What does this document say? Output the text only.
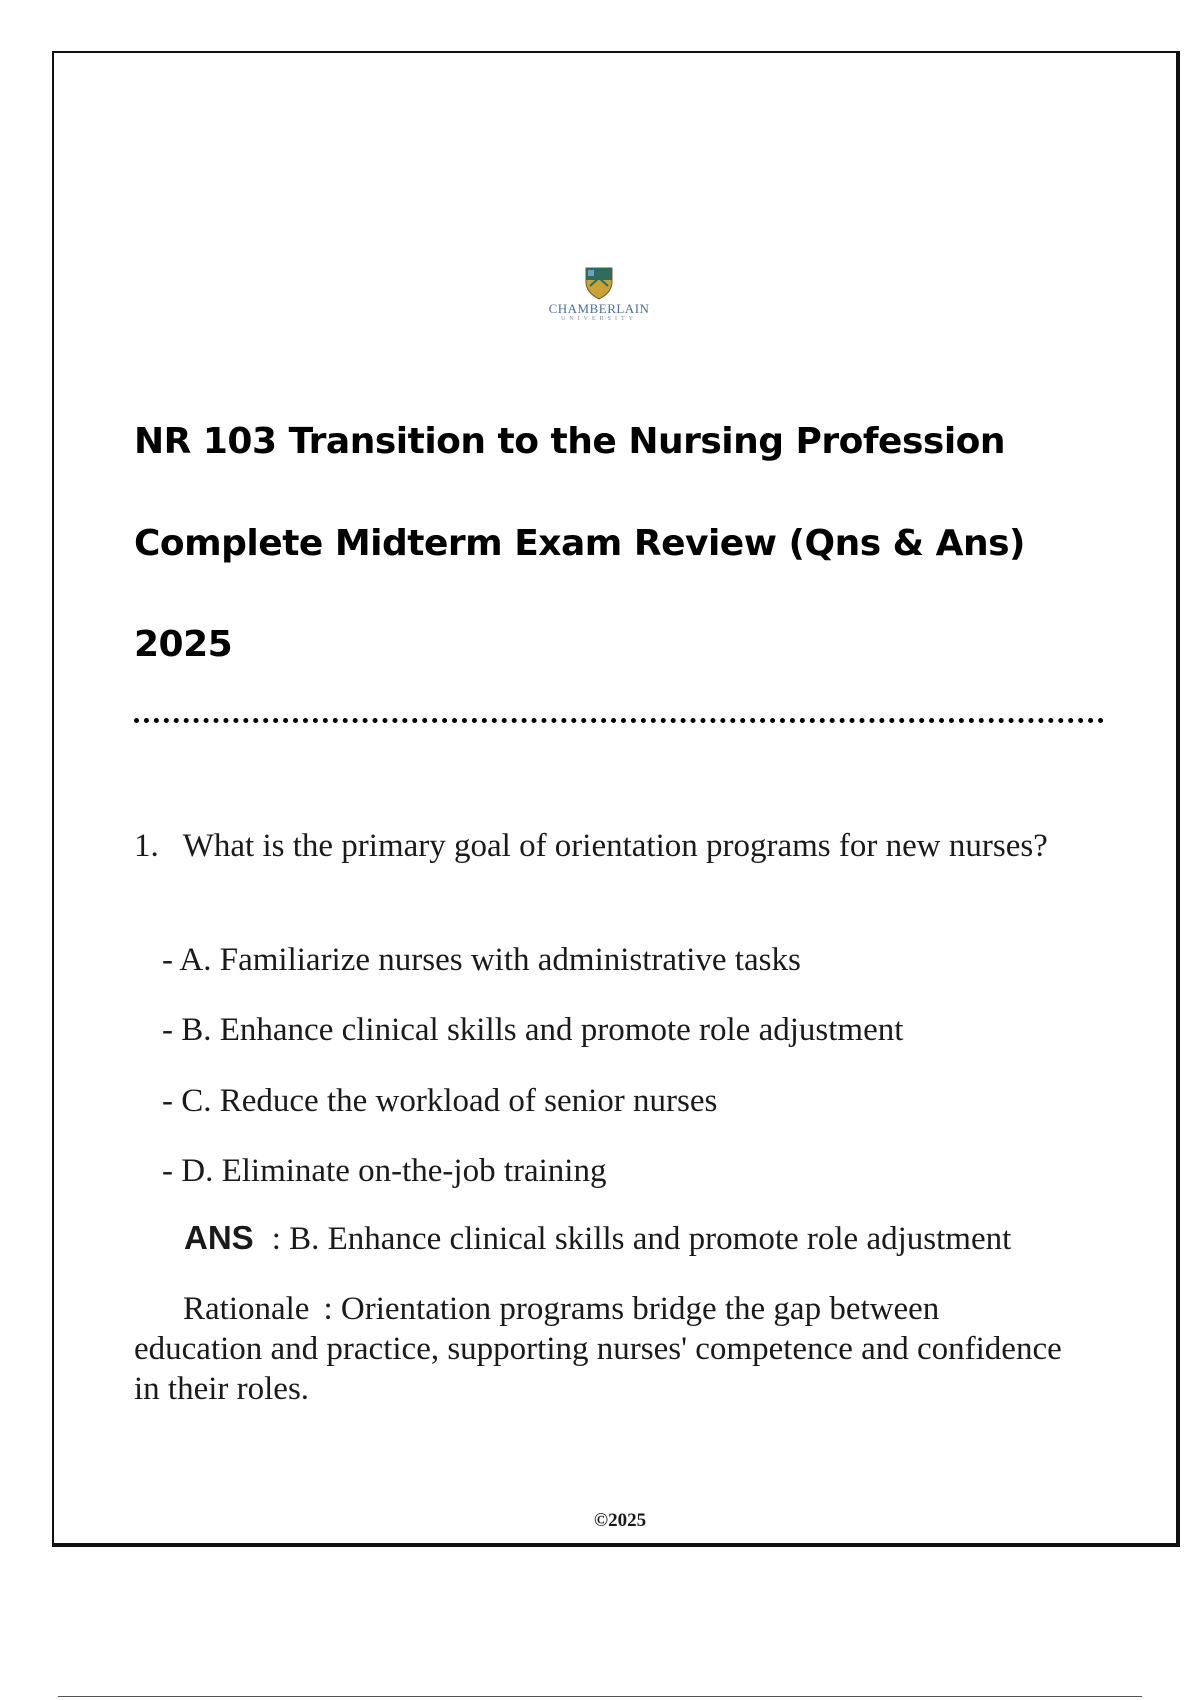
CHAMBERLAIN
UNIVERSITY
NR 103 Transition to the Nursing Profession
Complete Midterm Exam Review (Qns & Ans)
2025
1. What is the primary goal of orientation programs for new nurses?
- A. Familiarize nurses with administrative tasks
- B. Enhance clinical skills and promote role adjustment
- C. Reduce the workload of senior nurses
- D. Eliminate on-the-job training
ANS : B. Enhance clinical skills and promote role adjustment
Rationale : Orientation programs bridge the gap between education and practice, supporting nurses' competence and confidence in their roles.
©2025
